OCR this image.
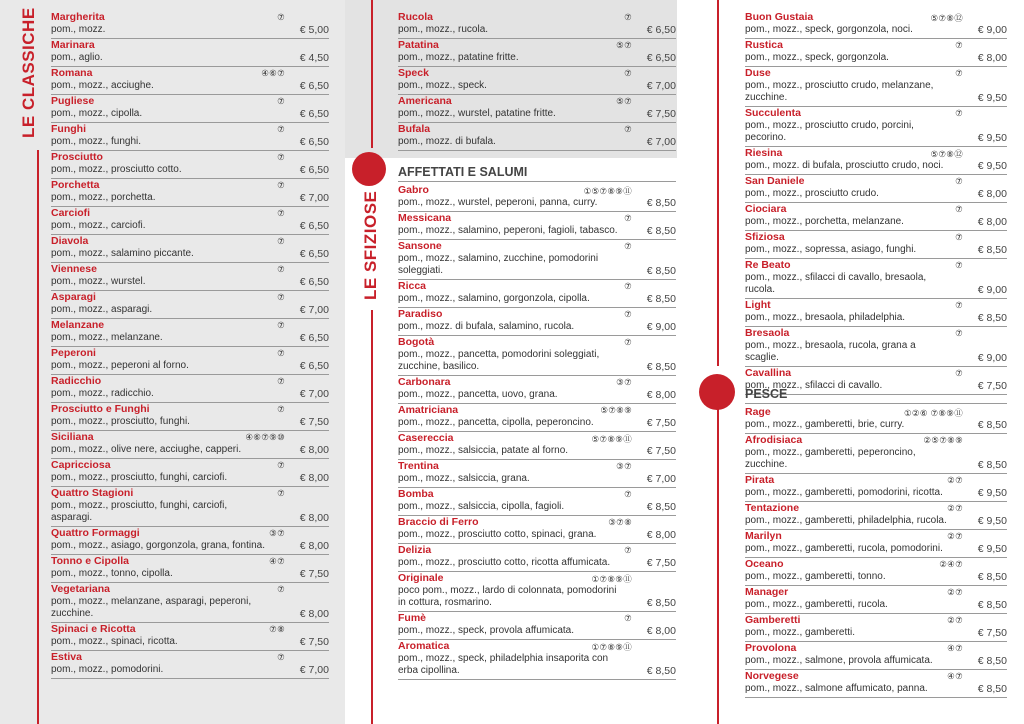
LE CLASSICHE
LE SFIZIOSE
Margherita	⑦
pom., mozz.	€ 5,00
Marinara
pom., aglio.	€ 4,50
Romana	④⑥⑦
pom., mozz., acciughe.	€ 6,50
Pugliese	⑦
pom., mozz., cipolla.	€ 6,50
Funghi	⑦
pom., mozz., funghi.	€ 6,50
Prosciutto	⑦
pom., mozz., prosciutto cotto.	€ 6,50
Porchetta	⑦
pom., mozz., porchetta.	€ 7,00
Carciofi	⑦
pom., mozz., carciofi.	€ 6,50
Diavola	⑦
pom., mozz., salamino piccante.	€ 6,50
Viennese	⑦
pom., mozz., wurstel.	€ 6,50
Asparagi	⑦
pom., mozz., asparagi.	€ 7,00
Melanzane	⑦
pom., mozz., melanzane.	€ 6,50
Peperoni	⑦
pom., mozz., peperoni al forno.	€ 6,50
Radicchio	⑦
pom., mozz., radicchio.	€ 7,00
Prosciutto e Funghi	⑦
pom., mozz., prosciutto, funghi.	€ 7,50
Siciliana	④⑥⑦⑨⑩
pom., mozz., olive nere, acciughe, capperi.	€ 8,00
Capricciosa	⑦
pom., mozz., prosciutto, funghi, carciofi.	€ 8,00
Quattro Stagioni	⑦
pom., mozz., prosciutto, funghi, carciofi, asparagi.	€ 8,00
Quattro Formaggi	③⑦
pom., mozz., asiago, gorgonzola, grana, fontina.	€ 8,00
Tonno e Cipolla	④⑦
pom., mozz., tonno, cipolla.	€ 7,50
Vegetariana	⑦
pom., mozz., melanzane, asparagi, peperoni, zucchine.	€ 8,00
Spinaci e Ricotta	⑦⑧
pom., mozz., spinaci, ricotta.	€ 7,50
Estiva	⑦
pom., mozz., pomodorini.	€ 7,00
Rucola	⑦
pom., mozz., rucola.	€ 6,50
Patatina	⑤⑦
pom., mozz., patatine fritte.	€ 6,50
Speck	⑦
pom., mozz., speck.	€ 7,00
Americana	⑤⑦
pom., mozz., wurstel, patatine fritte.	€ 7,50
Bufala	⑦
pom., mozz. di bufala.	€ 7,00
AFFETTATI E SALUMI
Gabro	①⑤⑦⑧⑨⑪
pom., mozz., wurstel, peperoni, panna, curry.	€ 8,50
Messicana	⑦
pom., mozz., salamino, peperoni, fagioli, tabasco.	€ 8,50
Sansone	⑦
pom., mozz., salamino, zucchine, pomodorini soleggiati.	€ 8,50
Ricca	⑦
pom., mozz., salamino, gorgonzola, cipolla.	€ 8,50
Paradiso	⑦
pom., mozz. di bufala, salamino, rucola.	€ 9,00
Bogotà	⑦
pom., mozz., pancetta, pomodorini soleggiati, zucchine, basilico.	€ 8,50
Carbonara	③⑦
pom., mozz., pancetta, uovo, grana.	€ 8,00
Amatriciana	⑤⑦⑧⑨
pom., mozz., pancetta, cipolla, peperoncino.	€ 7,50
Casereccia	⑤⑦⑧⑨⑪
pom., mozz., salsiccia, patate al forno.	€ 7,50
Trentina	③⑦
pom., mozz., salsiccia, grana.	€ 7,00
Bomba	⑦
pom., mozz., salsiccia, cipolla, fagioli.	€ 8,50
Braccio di Ferro	③⑦⑧
pom., mozz., prosciutto cotto, spinaci, grana.	€ 8,00
Delizia	⑦
pom., mozz., prosciutto cotto, ricotta affumicata.	€ 7,50
Originale	①⑦⑧⑨⑪
poco pom., mozz., lardo di colonnata, pomodorini in cottura, rosmarino.	€ 8,50
Fumè	⑦
pom., mozz., speck, provola affumicata.	€ 8,00
Aromatica	①⑦⑧⑨⑪
pom., mozz., speck, philadelphia insaporita con erba cipollina.	€ 8,50
Buon Gustaia	⑤⑦⑧⑫
pom., mozz., speck, gorgonzola, noci.	€ 9,00
Rustica	⑦
pom., mozz., speck, gorgonzola.	€ 8,00
Duse	⑦
pom., mozz., prosciutto crudo, melanzane, zucchine.	€ 9,50
Succulenta	⑦
pom., mozz., prosciutto crudo, porcini, pecorino.	€ 9,50
Riesina	⑤⑦⑧⑫
pom., mozz. di bufala, prosciutto crudo, noci.	€ 9,50
San Daniele	⑦
pom., mozz., prosciutto crudo.	€ 8,00
Ciociara	⑦
pom., mozz., porchetta, melanzane.	€ 8,00
Sfiziosa	⑦
pom., mozz., sopressa, asiago, funghi.	€ 8,50
Re Beato	⑦
pom., mozz., sfilacci di cavallo, bresaola, rucola.	€ 9,00
Light	⑦
pom., mozz., bresaola, philadelphia.	€ 8,50
Bresaola	⑦
pom., mozz., bresaola, rucola, grana a scaglie.	€ 9,00
Cavallina	⑦
pom., mozz., sfilacci di cavallo.	€ 7,50
PESCE
Rage	①②⑥ ⑦⑧⑨⑪
pom., mozz., gamberetti, brie, curry.	€ 8,50
Afrodisiaca	②⑤⑦⑧⑨
pom., mozz., gamberetti, peperoncino, zucchine.	€ 8,50
Pirata	②⑦
pom., mozz., gamberetti, pomodorini, ricotta.	€ 9,50
Tentazione	②⑦
pom., mozz., gamberetti, philadelphia, rucola.	€ 9,50
Marilyn	②⑦
pom., mozz., gamberetti, rucola, pomodorini.	€ 9,50
Oceano	②④⑦
pom., mozz., gamberetti, tonno.	€ 8,50
Manager	②⑦
pom., mozz., gamberetti, rucola.	€ 8,50
Gamberetti	②⑦
pom., mozz., gamberetti.	€ 7,50
Provolona	④⑦
pom., mozz., salmone, provola affumicata.	€ 8,50
Norvegese	④⑦
pom., mozz., salmone affumicato, panna.	€ 8,50
